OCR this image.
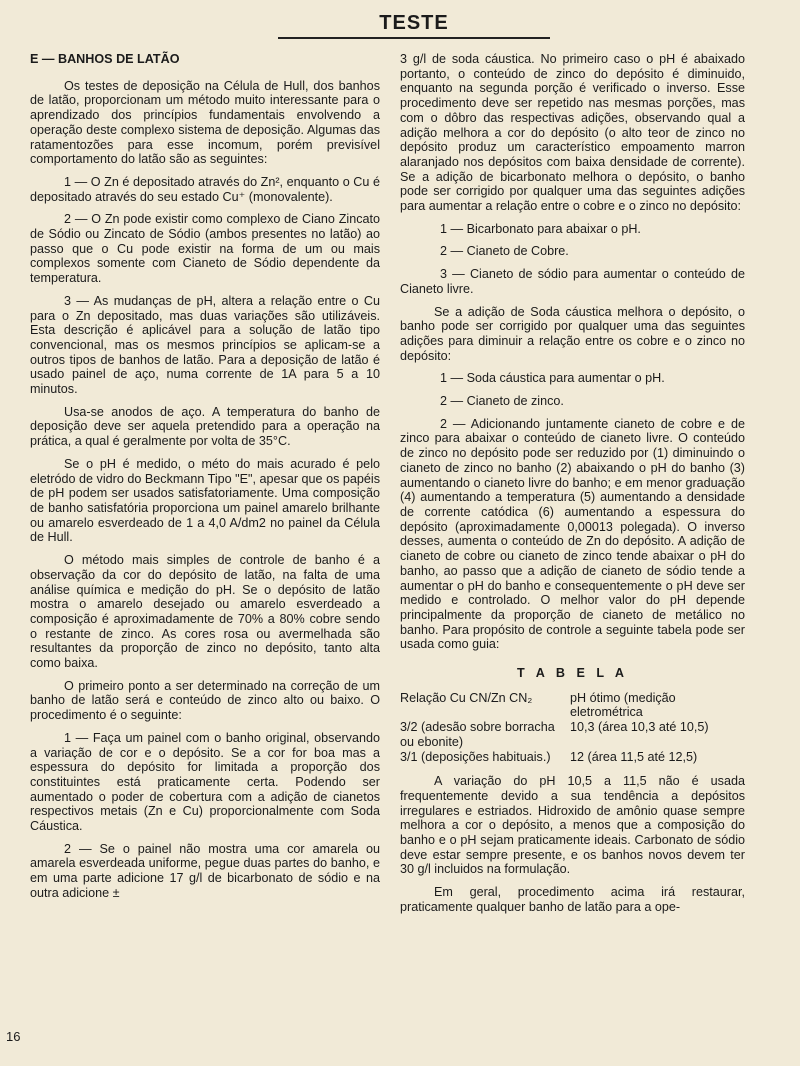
TESTE

E — BANHOS DE LATÃO

Os testes de deposição na Célula de Hull, dos banhos de latão, proporcionam um método muito interessante para o aprendizado dos princípios fundamentais envolvendo a operação deste complexo sistema de deposição. Algumas das ratamentozões para esse incomum, porém previsível comportamento do latão são as seguintes:

1 — O Zn é depositado através do Zn², enquanto o Cu é depositado através do seu estado Cu⁺ (monovalente).

2 — O Zn pode existir como complexo de Ciano Zincato de Sódio ou Zincato de Sódio (ambos presentes no latão) ao passo que o Cu pode existir na forma de um ou mais complexos somente com Cianeto de Sódio dependente da temperatura.

3 — As mudanças de pH, altera a relação entre o Cu para o Zn depositado, mas duas variações são utilizáveis. Esta descrição é aplicável para a solução de latão tipo convencional, mas os mesmos princípios se aplicam-se a outros tipos de banhos de latão. Para a deposição de latão é usado painel de aço, numa corrente de 1A para 5 a 10 minutos.

Usa-se anodos de aço. A temperatura do banho de deposição deve ser aquela pretendido para a operação na prática, a qual é geralmente por volta de 35°C.

Se o pH é medido, o méto do mais acurado é pelo eletródo de vidro do Beckmann Tipo "E", apesar que os papéis de pH podem ser usados satisfatoriamente. Uma composição de banho satisfatória proporciona um painel amarelo brilhante ou amarelo esverdeado de 1 a 4,0 A/dm2 no painel da Célula de Hull.

O método mais simples de controle de banho é a observação da cor do depósito de latão, na falta de uma análise química e medição do pH. Se o depósito de latão mostra o amarelo desejado ou amarelo esverdeado a composição é aproximadamente de 70% a 80% cobre sendo o restante de zinco. As cores rosa ou avermelhada são resultantes da proporção de zinco no depósito, tanto alta como baixa.

O primeiro ponto a ser determinado na correção de um banho de latão será e conteúdo de zinco alto ou baixo. O procedimento é o seguinte:

1 — Faça um painel com o banho original, observando a variação de cor e o depósito. Se a cor for boa mas a espessura do depósito for limitada a proporção dos constituintes está praticamente certa. Podendo ser aumentado o poder de cobertura com a adição de cianetos respectivos metais (Zn e Cu) proporcionalmente com Soda Cáustica.

2 — Se o painel não mostra uma cor amarela ou amarela esverdeada uniforme, pegue duas partes do banho, e em uma parte adicione 17 g/l de bicarbonato de sódio e na outra adicione ±

3 g/l de soda cáustica. No primeiro caso o pH é abaixado portanto, o conteúdo de zinco do depósito é diminuido, enquanto na segunda porção é verificado o inverso. Esse procedimento deve ser repetido nas mesmas porções, mas com o dôbro das respectivas adições, observando qual a adição melhora a cor do depósito (o alto teor de zinco no depósito produz um característico empoamento marron alaranjado nos depósitos com baixa densidade de corrente). Se a adição de bicarbonato melhora o depósito, o banho pode ser corrigido por qualquer uma das seguintes adições para aumentar a relação entre o cobre e o zinco no depósito:

1 — Bicarbonato para abaixar o pH.

2 — Cianeto de Cobre.

3 — Cianeto de sódio para aumentar o conteúdo de Cianeto livre.

Se a adição de Soda cáustica melhora o depósito, o banho pode ser corrigido por qualquer uma das seguintes adições para diminuir a relação entre os cobre e o zinco no depósito:

1 — Soda cáustica para aumentar o pH.

2 — Cianeto de zinco.

2 — Adicionando juntamente cianeto de cobre e de zinco para abaixar o conteúdo de cianeto livre. O conteúdo de zinco no depósito pode ser reduzido por (1) diminuindo o cianeto de zinco no banho (2) abaixando o pH do banho (3) aumentando o cianeto livre do banho; e em menor graduação (4) aumentando a temperatura (5) aumentando a densidade de corrente catódica (6) aumentando a espessura do depósito (aproximadamente 0,00013 polegada). O inverso desses, aumenta o conteúdo de Zn do depósito. A adição de cianeto de cobre ou cianeto de zinco tende abaixar o pH do banho, ao passo que a adição de cianeto de sódio tende a aumentar o pH do banho e consequentemente o pH deve ser medido e controlado. O melhor valor do pH depende principalmente da proporção de cianeto de metálico no banho. Para propósito de controle a seguinte tabela pode ser usada como guia:

T A B E L A
Relação Cu CN/Zn CN₂	pH ótimo (medição eletrométrica
3/2 (adesão sobre borracha ou ebonite)
10,3 (área 10,3 até 10,5)
3/1 (deposições habituais.)	12 (área 11,5 até 12,5)

A variação do pH 10,5 a 11,5 não é usada frequentemente devido a sua tendência a depósitos irregulares e estriados. Hidroxido de amônio quase sempre melhora a cor o depósito, a menos que a composição do banho e o pH sejam praticamente ideais. Carbonato de sódio deve estar sempre presente, e os banhos novos devem ter 30 g/l incluidos na formulação.

Em geral, procedimento acima irá restaurar, praticamente qualquer banho de latão para a ope-

16
